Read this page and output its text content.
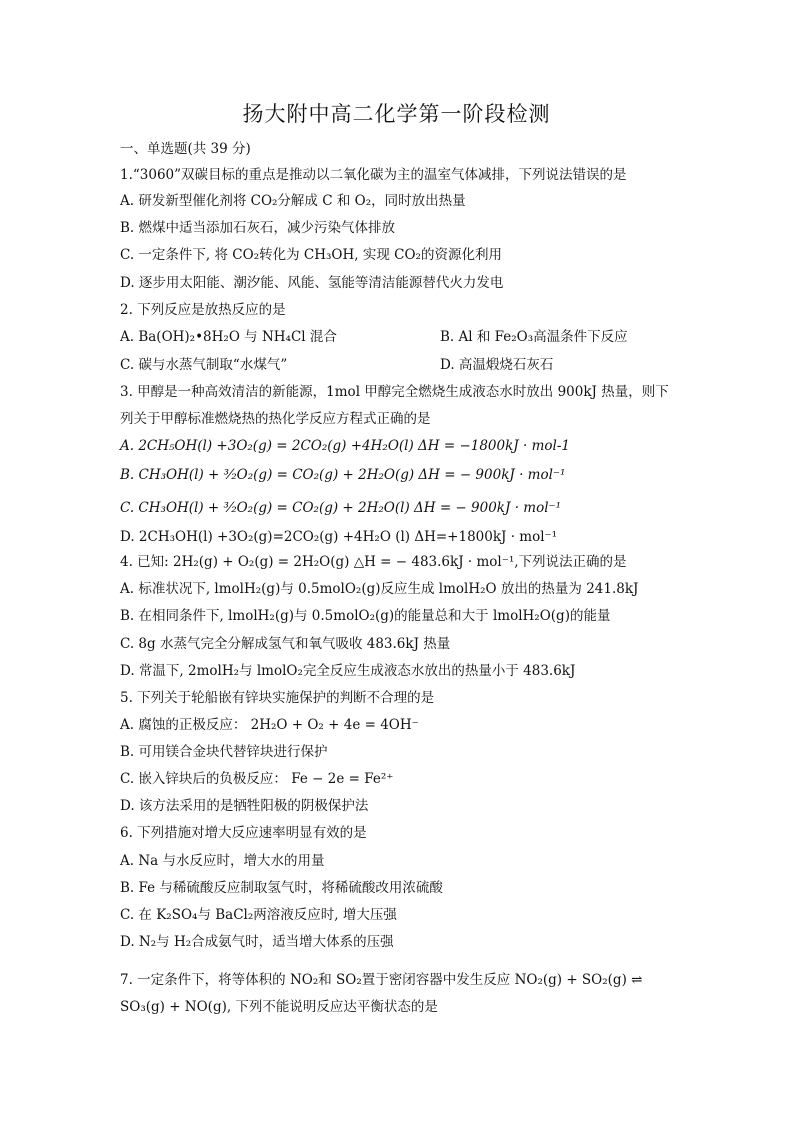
扬大附中高二化学第一阶段检测
一、单选题(共 39 分)
1.“3060”双碳目标的重点是推动以二氧化碳为主的温室气体减排，下列说法错误的是
A. 研发新型催化剂将 CO₂分解成 C 和 O₂，同时放出热量
B. 燃煤中适当添加石灰石，减少污染气体排放
C. 一定条件下, 将 CO₂转化为 CH₃OH, 实现 CO₂的资源化利用
D. 逐步用太阳能、潮汐能、风能、氢能等清洁能源替代火力发电
2. 下列反应是放热反应的是
A. Ba(OH)₂•8H₂O 与 NH₄Cl 混合	B. Al 和 Fe₂O₃高温条件下反应
C. 碳与水蒸气制取“水煤气”	D. 高温煅烧石灰石
3. 甲醇是一种高效清洁的新能源，1mol 甲醇完全燃烧生成液态水时放出 900kJ 热量，则下
列关于甲醇标准燃烧热的热化学反应方程式正确的是
A. 2CH₅OH(l) +3O₂(g) = 2CO₂(g) +4H₂O(l) ΔH = −1800kJ · mol-1
B. CH₃OH(l) + ³⁄₂O₂(g) = CO₂(g) + 2H₂O(g) ΔH = − 900kJ · mol⁻¹
C. CH₃OH(l) + ³⁄₂O₂(g) = CO₂(g) + 2H₂O(l) ΔH = − 900kJ · mol⁻¹
D. 2CH₃OH(l) +3O₂(g)=2CO₂(g) +4H₂O (l) ΔH=+1800kJ · mol⁻¹
4. 已知: 2H₂(g) + O₂(g) = 2H₂O(g) △H = − 483.6kJ · mol⁻¹,下列说法正确的是
A. 标准状况下, lmolH₂(g)与 0.5molO₂(g)反应生成 lmolH₂O 放出的热量为 241.8kJ
B. 在相同条件下, lmolH₂(g)与 0.5molO₂(g)的能量总和大于 lmolH₂O(g)的能量
C. 8g 水蒸气完全分解成氢气和氧气吸收 483.6kJ 热量
D. 常温下, 2molH₂与 lmolO₂完全反应生成液态水放出的热量小于 483.6kJ
5. 下列关于轮船嵌有锌块实施保护的判断不合理的是
A. 腐蚀的正极反应： 2H₂O + O₂ + 4e = 4OH⁻
B. 可用镁合金块代替锌块进行保护
C. 嵌入锌块后的负极反应： Fe − 2e = Fe²⁺
D. 该方法采用的是牺牲阳极的阴极保护法
6. 下列措施对增大反应速率明显有效的是
A. Na 与水反应时，增大水的用量
B. Fe 与稀硫酸反应制取氢气时，将稀硫酸改用浓硫酸
C. 在 K₂SO₄与 BaCl₂两溶液反应时, 增大压强
D. N₂与 H₂合成氨气时，适当增大体系的压强
7. 一定条件下，将等体积的 NO₂和 SO₂置于密闭容器中发生反应 NO₂(g) + SO₂(g) ⇌
SO₃(g) + NO(g), 下列不能说明反应达平衡状态的是
